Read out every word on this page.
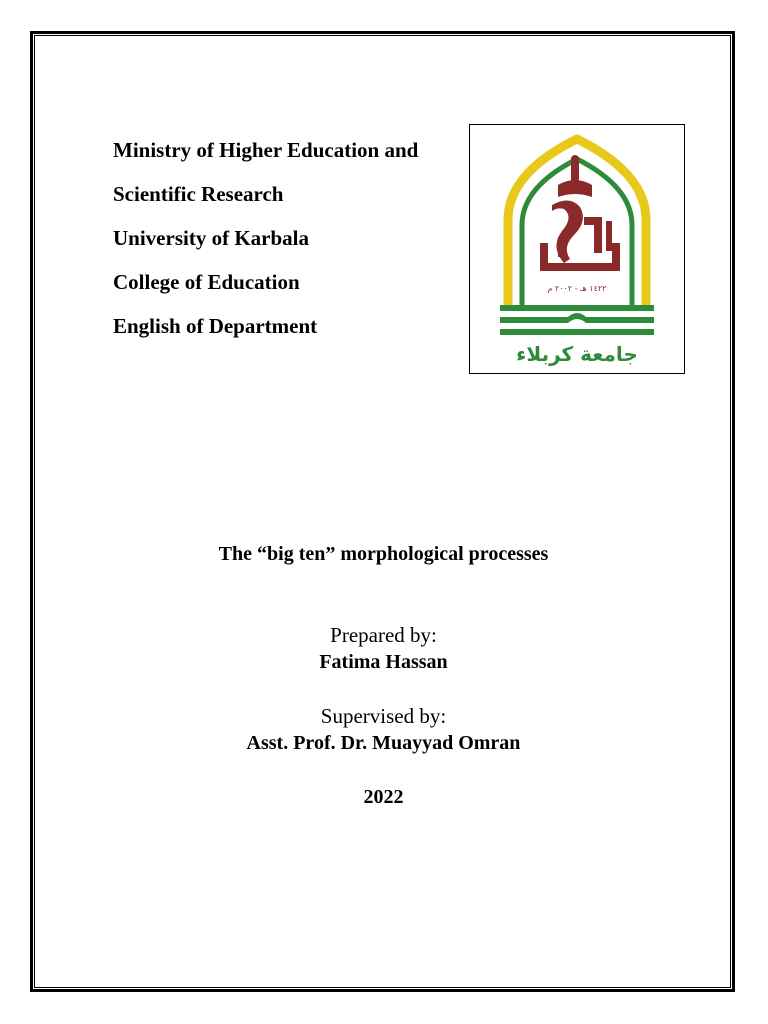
Ministry of Higher Education and
Scientific Research
University of Karbala
College of Education
English of Department
١٤٢٢ هـ - ٢٠٠٢ م
جامعة كربلاء
The “big ten” morphological processes
Prepared by:
Fatima Hassan
Supervised by:
Asst. Prof. Dr. Muayyad Omran
2022
